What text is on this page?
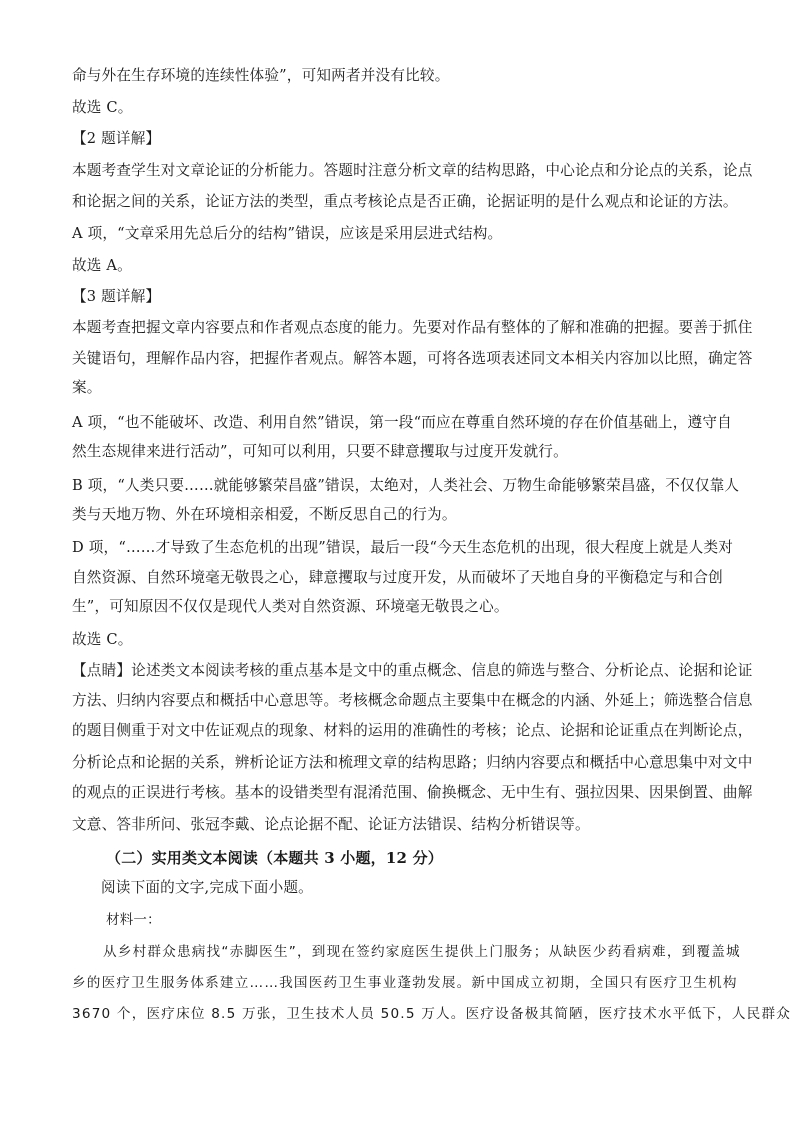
命与外在生存环境的连续性体验”，可知两者并没有比较。
故选 C。
【2 题详解】
本题考查学生对文章论证的分析能力。答题时注意分析文章的结构思路，中心论点和分论点的关系，论点
和论据之间的关系，论证方法的类型，重点考核论点是否正确，论据证明的是什么观点和论证的方法。
A 项，“文章采用先总后分的结构”错误，应该是采用层进式结构。
故选 A。
【3 题详解】
本题考查把握文章内容要点和作者观点态度的能力。先要对作品有整体的了解和准确的把握。要善于抓住
关键语句，理解作品内容，把握作者观点。解答本题，可将各选项表述同文本相关内容加以比照，确定答
案。
A 项，“也不能破坏、改造、利用自然”错误，第一段“而应在尊重自然环境的存在价值基础上，遵守自
然生态规律来进行活动”，可知可以利用，只要不肆意攫取与过度开发就行。
B 项，“人类只要……就能够繁荣昌盛”错误，太绝对，人类社会、万物生命能够繁荣昌盛，不仅仅靠人
类与天地万物、外在环境相亲相爱，不断反思自己的行为。
D 项，“……才导致了生态危机的出现”错误，最后一段“今天生态危机的出现，很大程度上就是人类对
自然资源、自然环境毫无敬畏之心，肆意攫取与过度开发，从而破坏了天地自身的平衡稳定与和合创
生”，可知原因不仅仅是现代人类对自然资源、环境毫无敬畏之心。
故选 C。
【点睛】论述类文本阅读考核的重点基本是文中的重点概念、信息的筛选与整合、分析论点、论据和论证
方法、归纳内容要点和概括中心意思等。考核概念命题点主要集中在概念的内涵、外延上；筛选整合信息
的题目侧重于对文中佐证观点的现象、材料的运用的准确性的考核；论点、论据和论证重点在判断论点，
分析论点和论据的关系，辨析论证方法和梳理文章的结构思路；归纳内容要点和概括中心意思集中对文中
的观点的正误进行考核。基本的设错类型有混淆范围、偷换概念、无中生有、强拉因果、因果倒置、曲解
文意、答非所问、张冠李戴、论点论据不配、论证方法错误、结构分析错误等。
（二）实用类文本阅读（本题共 3 小题，12 分）
阅读下面的文字,完成下面小题。
材料一：
从乡村群众患病找“赤脚医生”，到现在签约家庭医生提供上门服务；从缺医少药看病难，到覆盖城
乡的医疗卫生服务体系建立……我国医药卫生事业蓬勃发展。新中国成立初期，全国只有医疗卫生机构
3670 个，医疗床位 8.5 万张，卫生技术人员 50.5 万人。医疗设备极其简陋，医疗技术水平低下，人民群众
